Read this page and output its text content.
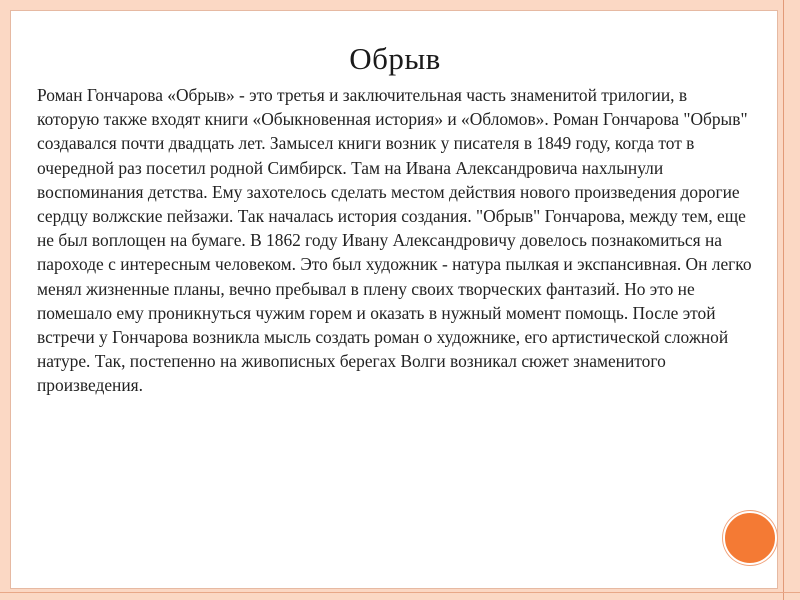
Обрыв

Роман Гончарова «Обрыв» - это третья и заключительная часть знаменитой трилогии, в которую также входят книги «Обыкновенная история» и «Обломов». Роман Гончарова "Обрыв" создавался почти двадцать лет. Замысел книги возник у писателя в 1849 году, когда тот в очередной раз посетил родной Симбирск. Там на Ивана Александровича нахлынули воспоминания детства. Ему захотелось сделать местом действия нового произведения дорогие сердцу волжские пейзажи. Так началась история создания. "Обрыв" Гончарова, между тем, еще не был воплощен на бумаге. В 1862 году Ивану Александровичу довелось познакомиться на пароходе с интересным человеком. Это был художник - натура пылкая и экспансивная. Он легко менял жизненные планы, вечно пребывал в плену своих творческих фантазий. Но это не помешало ему проникнуться чужим горем и оказать в нужный момент помощь. После этой встречи у Гончарова возникла мысль создать роман о художнике, его артистической сложной натуре. Так, постепенно на живописных берегах Волги возникал сюжет знаменитого произведения.
